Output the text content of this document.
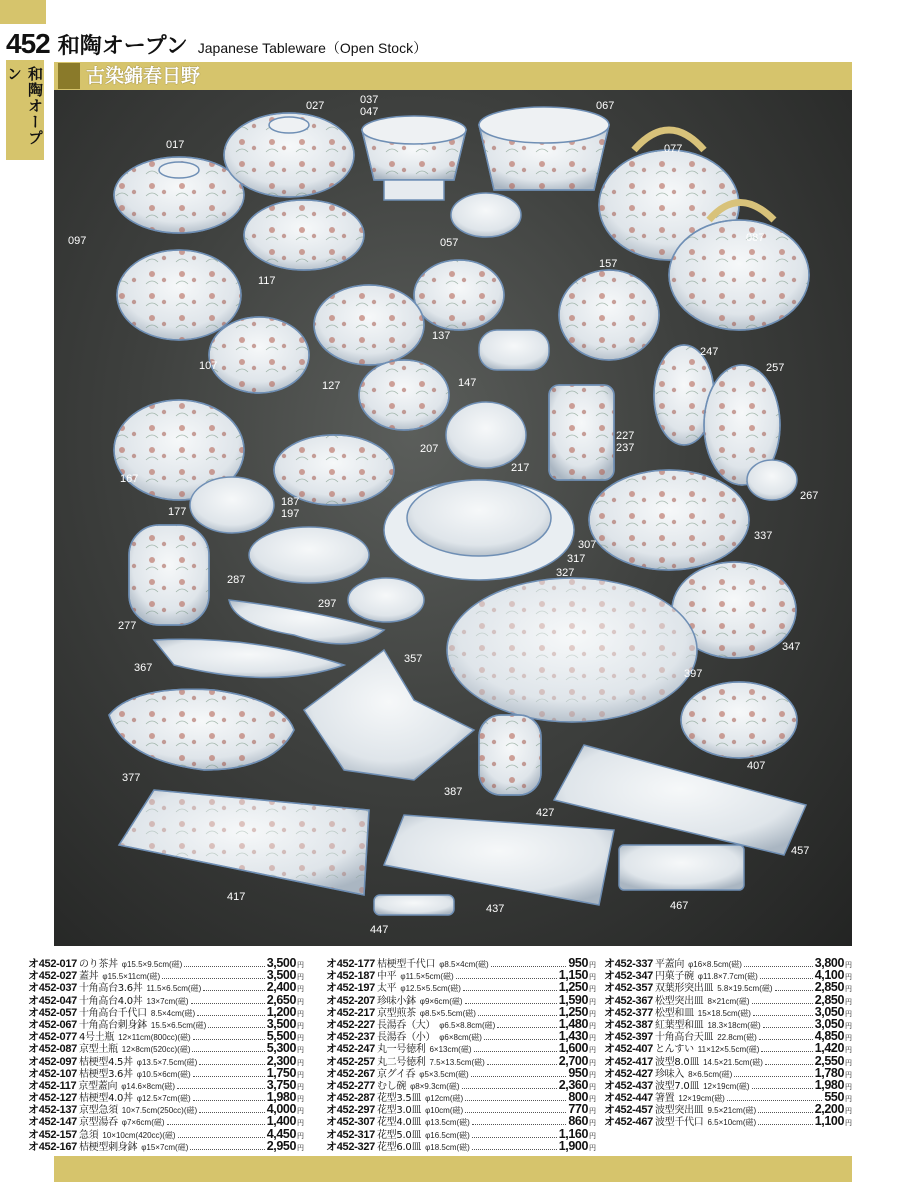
452 和陶オープン Japanese Tableware（Open Stock）
和陶オープン	古染錦春日野
017
027	037
047	067
077
097	057
117
157
087
137
247
107
127	147
257
227
237
207
217
167
187
197
267
177
337
307
317
327
287
297
277
347
357
367	397
407
377
387
427
457
417
437	467
447
オ452-017 のり茶丼 φ15.5×9.5cm(磁)	3,500 円
オ452-027 蓋丼 φ15.5×11cm(磁)	3,500 円
オ452-037 十角高台3.6丼 11.5×6.5cm(磁)	2,400 円
オ452-047 十角高台4.0丼 13×7cm(磁)	2,650 円
オ452-057 十角高台千代口 8.5×4cm(磁)	1,200 円
オ452-067 十角高台刺身鉢 15.5×6.5cm(磁)	3,500 円
オ452-077 4号土瓶 12×11cm(800cc)(磁)	5,500 円
オ452-087 京型土瓶 12×8cm(520cc)(磁)	5,300 円
オ452-097 桔梗型4.5丼 φ13.5×7.5cm(磁)	2,300 円
オ452-107 桔梗型3.6丼 φ10.5×6cm(磁)	1,750 円
オ452-117 京型蓋向 φ14.6×8cm(磁)	3,750 円
オ452-127 桔梗型4.0丼 φ12.5×7cm(磁)	1,980 円
オ452-137 京型急須 10×7.5cm(250cc)(磁)	4,000 円
オ452-147 京型湯呑 φ7×6cm(磁)	1,400 円
オ452-157 急須 10×10cm(420cc)(磁)	4,450 円
オ452-167 桔梗型刺身鉢 φ15×7cm(磁)	2,950 円
オ452-177 桔梗型千代口 φ8.5×4cm(磁)	950 円
オ452-187 中平 φ11.5×5cm(磁)	1,150 円
オ452-197 太平 φ12.5×5.5cm(磁)	1,250 円
オ452-207 珍味小鉢 φ9×6cm(磁)	1,590 円
オ452-217 京型煎茶 φ8.5×5.5cm(磁)	1,250 円
オ452-227 長湯呑（大） φ6.5×8.8cm(磁)	1,480 円
オ452-237 長湯呑（小） φ6×8cm(磁)	1,430 円
オ452-247 丸一号徳利 6×13cm(磁)	1,600 円
オ452-257 丸二号徳利 7.5×13.5cm(磁)	2,700 円
オ452-267 京グイ呑 φ5×3.5cm(磁)	950 円
オ452-277 むし碗 φ8×9.3cm(磁)	2,360 円
オ452-287 花型3.5皿 φ12cm(磁)	800 円
オ452-297 花型3.0皿 φ10cm(磁)	770 円
オ452-307 花型4.0皿 φ13.5cm(磁)	860 円
オ452-317 花型5.0皿 φ16.5cm(磁)	1,160 円
オ452-327 花型6.0皿 φ18.5cm(磁)	1,900 円
オ452-337 平蓋向 φ16×8.5cm(磁)	3,800 円
オ452-347 円菓子碗 φ11.8×7.7cm(磁)	4,100 円
オ452-357 双葉形突出皿 5.8×19.5cm(磁)	2,850 円
オ452-367 松型突出皿 8×21cm(磁)	2,850 円
オ452-377 松型和皿 15×18.5cm(磁)	3,050 円
オ452-387 紅葉型和皿 18.3×18cm(磁)	3,050 円
オ452-397 十角高台天皿 22.8cm(磁)	4,850 円
オ452-407 とんすい 11×12×5.5cm(磁)	1,420 円
オ452-417 波型8.0皿 14.5×21.5cm(磁)	2,550 円
オ452-427 珍味入 8×6.5cm(磁)	1,780 円
オ452-437 波型7.0皿 12×19cm(磁)	1,980 円
オ452-447 箸置 12×19cm(磁)	550 円
オ452-457 波型突出皿 9.5×21cm(磁)	2,200 円
オ452-467 波型千代口 6.5×10cm(磁)	1,100 円
